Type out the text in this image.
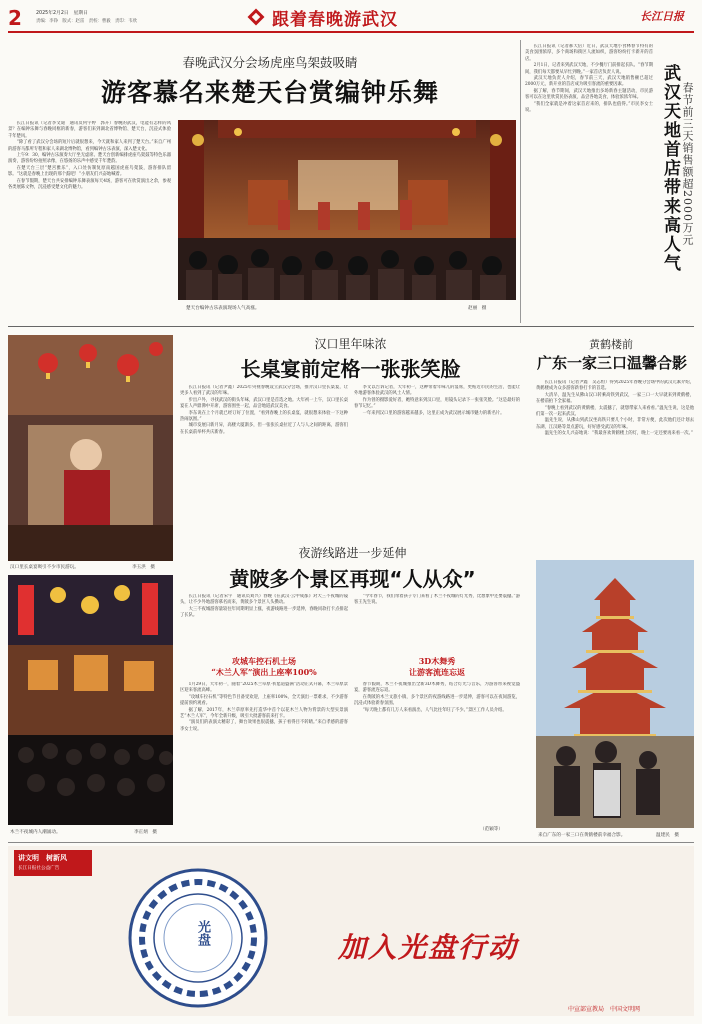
2	2025年2月2日　星期日
责编：李铮　版式：赵雷　责校：曹毅　责印：韦欣	跟着春晚游武汉	长江日报
春晚武汉分会场虎座鸟架鼓吸睛
游客慕名来楚天台赏编钟乐舞

长江日报讯（记者李文迪　通讯员何宇婷　郭卉）春晚的武汉，电能有怎样的风景？在编钟乐舞与春晚同框的新春，游客们来到湖北省博物馆、楚天台，沉浸式体验千年楚风。

“除了看了武汉分会场的短片后就很想来，今天就和家人来到了楚天台。”来自广州的游客马都所专程和家人来湖北博物馆，看到编钟古乐表演，深入楚文化。

上午9：30，编钟古乐演奏大厅坐无虚席。楚天台创新编排虎座鸟架鼓等特色乐器演奏，游客纷纷拍照录像，在悠扬的乐声中感受千年楚韵。

在楚天台三层“楚宫雅乐”，入口处仿制复原南越国虎座鸟架鼓，游客排队留影。“这就是春晚上出现的那个鼓吧！”小朋友们兴奋地喊着。

在春节假期，楚天台共安排编钟乐舞表演每天4场，游客可在欣赏演出之余，参观各类展陈文物，沉浸感受楚文化的魅力。

楚天台编钟古乐表演现场人气高涨。	赵丽　摄

长江日报讯（记者郝天倍）近日，武汉天地小食林春节特有的美食氛围浓厚，多个商场和街区人流如织，游客纷纷打卡新开的首店。

2月1日，记者来到武汉天地，不少餐厅门前排起长队。“春节期间，我们每天都要从早忙到晚。”一家首店负责人说。

武汉天地负责人介绍，春节前三天，武汉天地销售额已超过2000万元，新开业的首店成为吸引客流的重要因素。

据了解，春节期间，武汉天地推出多场新春主题活动，市民游客可以在这里欣赏民俗表演，品尝各地美食，体验浓浓年味。

“我们全家就是冲着这家首店来的，排队也值得。”市民李女士说。	春节前三天销售额超2000万元
武汉天地首店带来高人气
汉口里长桌宴吸引不少市民游玩。	李玉洪　摄
汉口里年味浓
长桌宴前定格一张张笑脸

长江日报讯（记者尹鑫）2025年央视春晚设立武汉分会场，推介汉口里长桌宴，让更多人看到了武汉的年味。

步出户外，寻找武汉的街头年味，武汉口里是首选之地。大年初一上午，汉口里长桌宴在人声鼎沸中开席，游客围坐一起，品尝地道武汉美食。

李东说在上个月就已经订好了位置，“看到春晚上的长桌宴，就很想来体验一下这种热闹氛围。”

城市发展日新月异，高楼大厦渐多，但一张张长桌拉近了人与人之间的距离，游客们在长桌前举杯共庆新春。

李文以告诉记者，大年初一，这种带着年味儿的宴席，更贴近市民的生活，也能让外地游客体验武汉的风土人情。

作为曾的摄影爱好者，她特意来到汉口里，用镜头记录下一张张笑脸。“这是最好的春节记忆。”

一年来到汉口里的游客越来越多，这里正成为武汉展示城市魅力的新名片。

黄鹤楼前
广东一家三口温馨合影

长江日报讯（记者尹鑫　吴志恒）得到2025年春晚分会场中的武汉元素介绍，黄鹤楼成为众多游客新春打卡的首选。

大清早，温先生从佛山汉口转乘高铁到武汉，一家三口一大早就来到黄鹤楼，在楼前拍下全家福。

“春晚上看到武汉的黄鹤楼，太震撼了，就想带家人来看看。”温先生说，这是他们第一次一起来武汉。

温先生说，从佛山到武汉坐高铁只要几个小时，非常方便，此次他们还计划去东湖、江汉路等景点游玩，好好感受武汉的年味。

温先生的女儿兴奋地说：“我最喜欢黄鹤楼上的灯，晚上一定还要再来看一次。”

来自广东的一家三口在黄鹤楼前幸福合影。	温建民　摄
夜游线路进一步延伸
黄陂多个景区再现“人从众”

长江日报讯（记者宋宇　通讯员刘兴）春晚《在武汉·云中成都》对大三不夜城的镜头，让不少外地游客慕名而来，黄陂多个景区人头攒动。

大三不夜城游客量较往年同期明显上涨，夜游线路进一步延伸，春晚同款打卡点排起了长队。

“今年春节，我们带着孩子专门来看了木兰不夜城的灯光秀，比想象中还要震撼。”游客王先生说。

攻城车控石机土场
“木兰人军”演出上座率100%

1月29日，大年初一，随着“2025木兰草原·祈愿道盛满”活动正式开幕，木兰草原景区迎来客流高峰。

“攻城车拉石机”等特色节目备受欢迎，上座率100%，全天演出一票难求，不少游客提前预约观看。

据了解，2017年，木兰草原率先打造华中首个以花木兰人物为背景的大型实景演艺“木兰人军”，今年全新升级，吸引大批游客前来打卡。

“演员们的表演太精彩了，舞台效果也很震撼，孩子看得目不转睛。”来自孝感的游客李女士说。

3D木舞秀
让游客流连忘返

春节假期，木兰不夜城推出全新3D木舞秀，结合灯光与音乐，为游客带来视觉盛宴，游客流连忘返。

在黄陂的木兰文旅小镇，多个景区的夜游线路进一步延伸，游客可以在夜间游览，沉浸式体验新春氛围。

“每天晚上都有几万人来看演出，人气比往年旺了不少。”景区工作人员介绍。

（范颖等）
木兰不夜城内人潮涌动。	李正炳　摄
讲文明　树新风
长江日报社公益广告
光盘	加入光盘行动
中宣部宣教局　中国文明网
